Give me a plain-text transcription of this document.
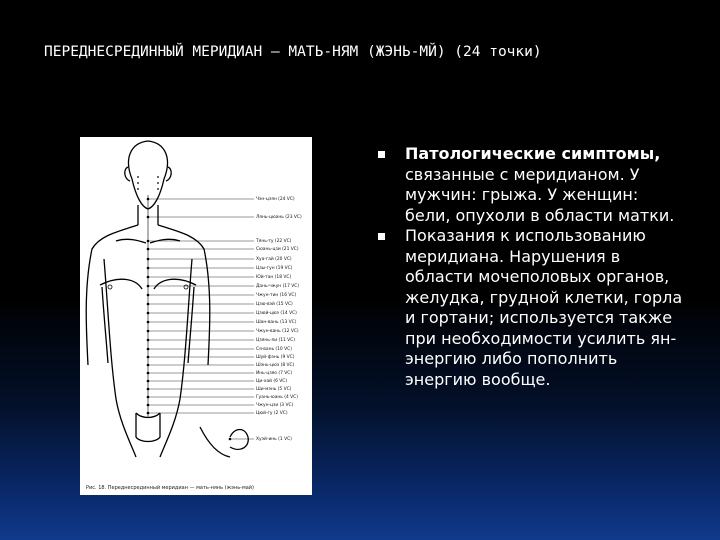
ПЕРЕДНЕСРЕДИННЫЙ МЕРИДИАН — МАТЬ-НЯМ (ЖЭНЬ-МЙ) (24 точки)
Чэн-цзян (24 VC)
Лянь-цюань (23 VC)
Тянь-ту (22 VC)
Сюань-цзи (21 VC)
Хуа-гай (20 VC)
Цзы-гун (19 VC)
Юй-тан (18 VC)
Дань-чжун (17 VC)
Чжун-тин (16 VC)
Цзю-вэй (15 VC)
Цзюй-цюэ (14 VC)
Шан-вань (13 VC)
Чжун-вань (12 VC)
Цзянь-ли (11 VC)
Ся-вань (10 VC)
Шуй-фэнь (9 VC)
Шэнь-цюэ (8 VC)
Инь-цзяо (7 VC)
Ци-хай (6 VC)
Ши-мэнь (5 VC)
Гуань-юань (4 VC)
Чжун-цзи (3 VC)
Цюй-гу (2 VC)
Хуэй-инь (1 VC)
Рис. 18. Переднесрединный меридиан — мать-нянь (жэнь-май)
Патологические симптомы, связанные с меридианом. У мужчин: грыжа. У женщин: бели, опухоли в области матки.
Показания к использованию меридиана. Нарушения в области мочеполовых органов, желудка, грудной клетки, горла и гортани; используется также при необходимости усилить ян-энергию либо пополнить энергию вообще.
